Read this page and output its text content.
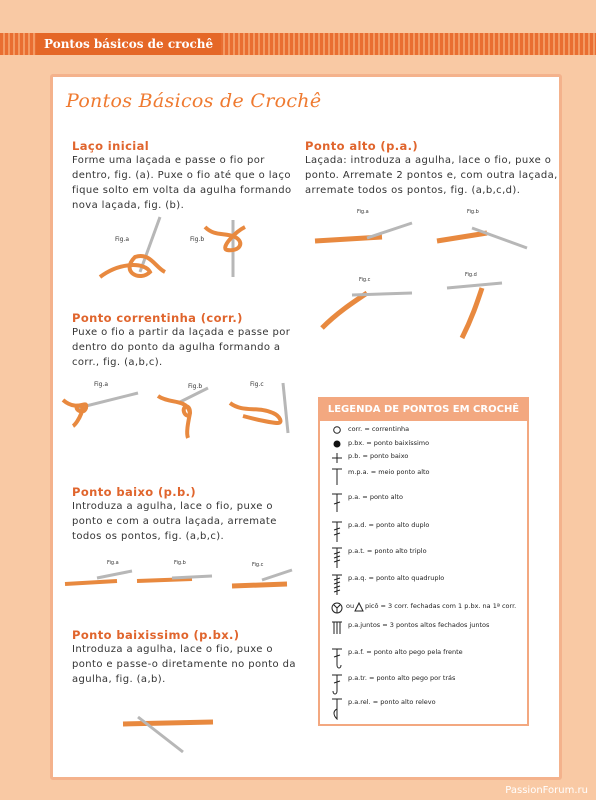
Pontos básicos de crochê
Pontos Básicos de Crochê
Laço inicial
Forme uma laçada e passe o fio por
dentro, fig. (a). Puxe o fio até que o laço
fique solto em volta da agulha formando
nova laçada, fig. (b).
Fig.a	Fig.b
Ponto correntinha (corr.)
Puxe o fio a partir da laçada e passe por
dentro do ponto da agulha formando a
corr., fig. (a,b,c).
Fig.a	Fig.b	Fig.c
Ponto baixo (p.b.)
Introduza a agulha, lace o fio, puxe o
ponto e com a outra laçada, arremate
todos os pontos, fig. (a,b,c).
Fig.a	Fig.b	Fig.c
Ponto baixissimo (p.bx.)
Introduza a agulha, lace o fio, puxe o
ponto e passe-o diretamente no ponto da
agulha, fig. (a,b).
Ponto alto (p.a.)
Laçada: introduza a agulha, lace o fio, puxe o
ponto. Arremate 2 pontos e, com outra laçada,
arremate todos os pontos, fig. (a,b,c,d).
Fig.a	Fig.b
Fig.c
Fig.d
LEGENDA DE PONTOS EM CROCHÊ
corr. = correntinha
p.bx. = ponto baixíssimo
p.b. = ponto baixo
m.p.a. = meio ponto alto
p.a. = ponto alto
p.a.d. = ponto alto duplo
p.a.t. = ponto alto triplo
p.a.q. = ponto alto quadruplo
ou picô = 3 corr. fechadas com 1 p.bx. na 1ª corr.
p.a.juntos = 3 pontos altos fechados juntos
p.a.f. = ponto alto pego pela frente
p.a.tr. = ponto alto pego por trás
p.a.rel. = ponto alto relevo
PassionForum.ru
